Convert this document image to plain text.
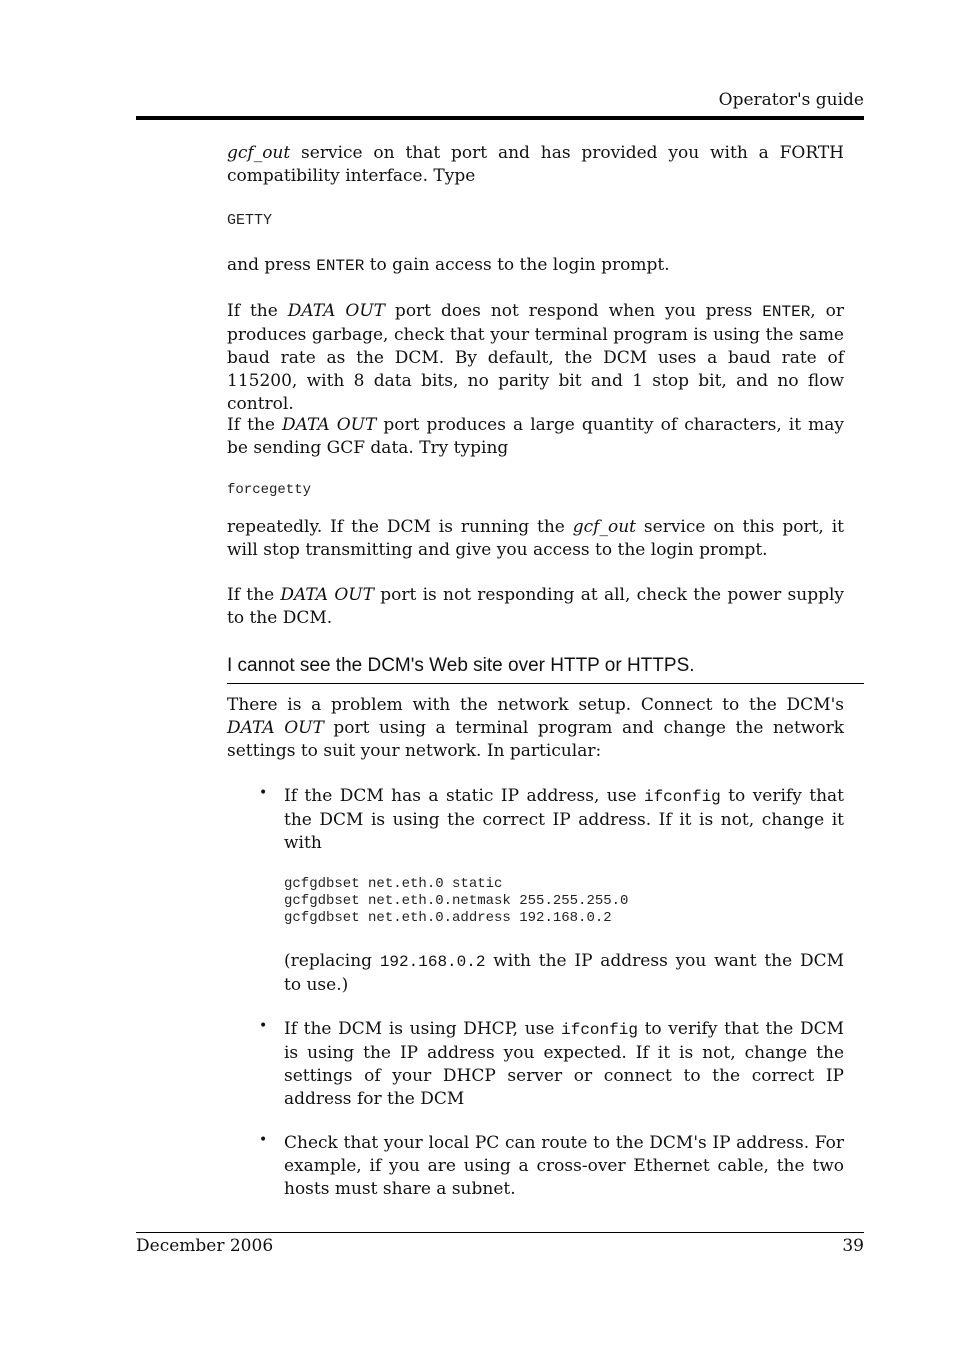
Operator's guide

gcf_out service on that port and has provided you with a FORTH compatibility interface. Type

GETTY

and press ENTER to gain access to the login prompt.

If the DATA OUT port does not respond when you press ENTER, or produces garbage, check that your terminal program is using the same baud rate as the DCM. By default, the DCM uses a baud rate of 115200, with 8 data bits, no parity bit and 1 stop bit, and no flow control.

If the DATA OUT port produces a large quantity of characters, it may be sending GCF data. Try typing

forcegetty

repeatedly. If the DCM is running the gcf_out service on this port, it will stop transmitting and give you access to the login prompt.

If the DATA OUT port is not responding at all, check the power supply to the DCM.

I cannot see the DCM's Web site over HTTP or HTTPS.

There is a problem with the network setup. Connect to the DCM's DATA OUT port using a terminal program and change the network settings to suit your network. In particular:

• If the DCM has a static IP address, use ifconfig to verify that the DCM is using the correct IP address. If it is not, change it with

gcfgdbset net.eth.0 static
gcfgdbset net.eth.0.netmask 255.255.255.0
gcfgdbset net.eth.0.address 192.168.0.2

(replacing 192.168.0.2 with the IP address you want the DCM to use.)

• If the DCM is using DHCP, use ifconfig to verify that the DCM is using the IP address you expected. If it is not, change the settings of your DHCP server or connect to the correct IP address for the DCM

• Check that your local PC can route to the DCM's IP address. For example, if you are using a cross-over Ethernet cable, the two hosts must share a subnet.

December 2006	39
